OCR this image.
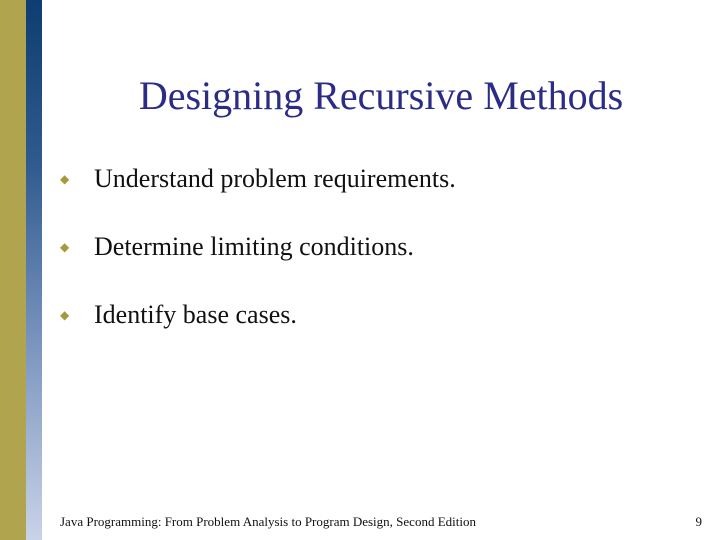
Designing Recursive Methods
◆ Understand problem requirements.
◆ Determine limiting conditions.
◆ Identify base cases.
Java Programming: From Problem Analysis to Program Design, Second Edition	9
